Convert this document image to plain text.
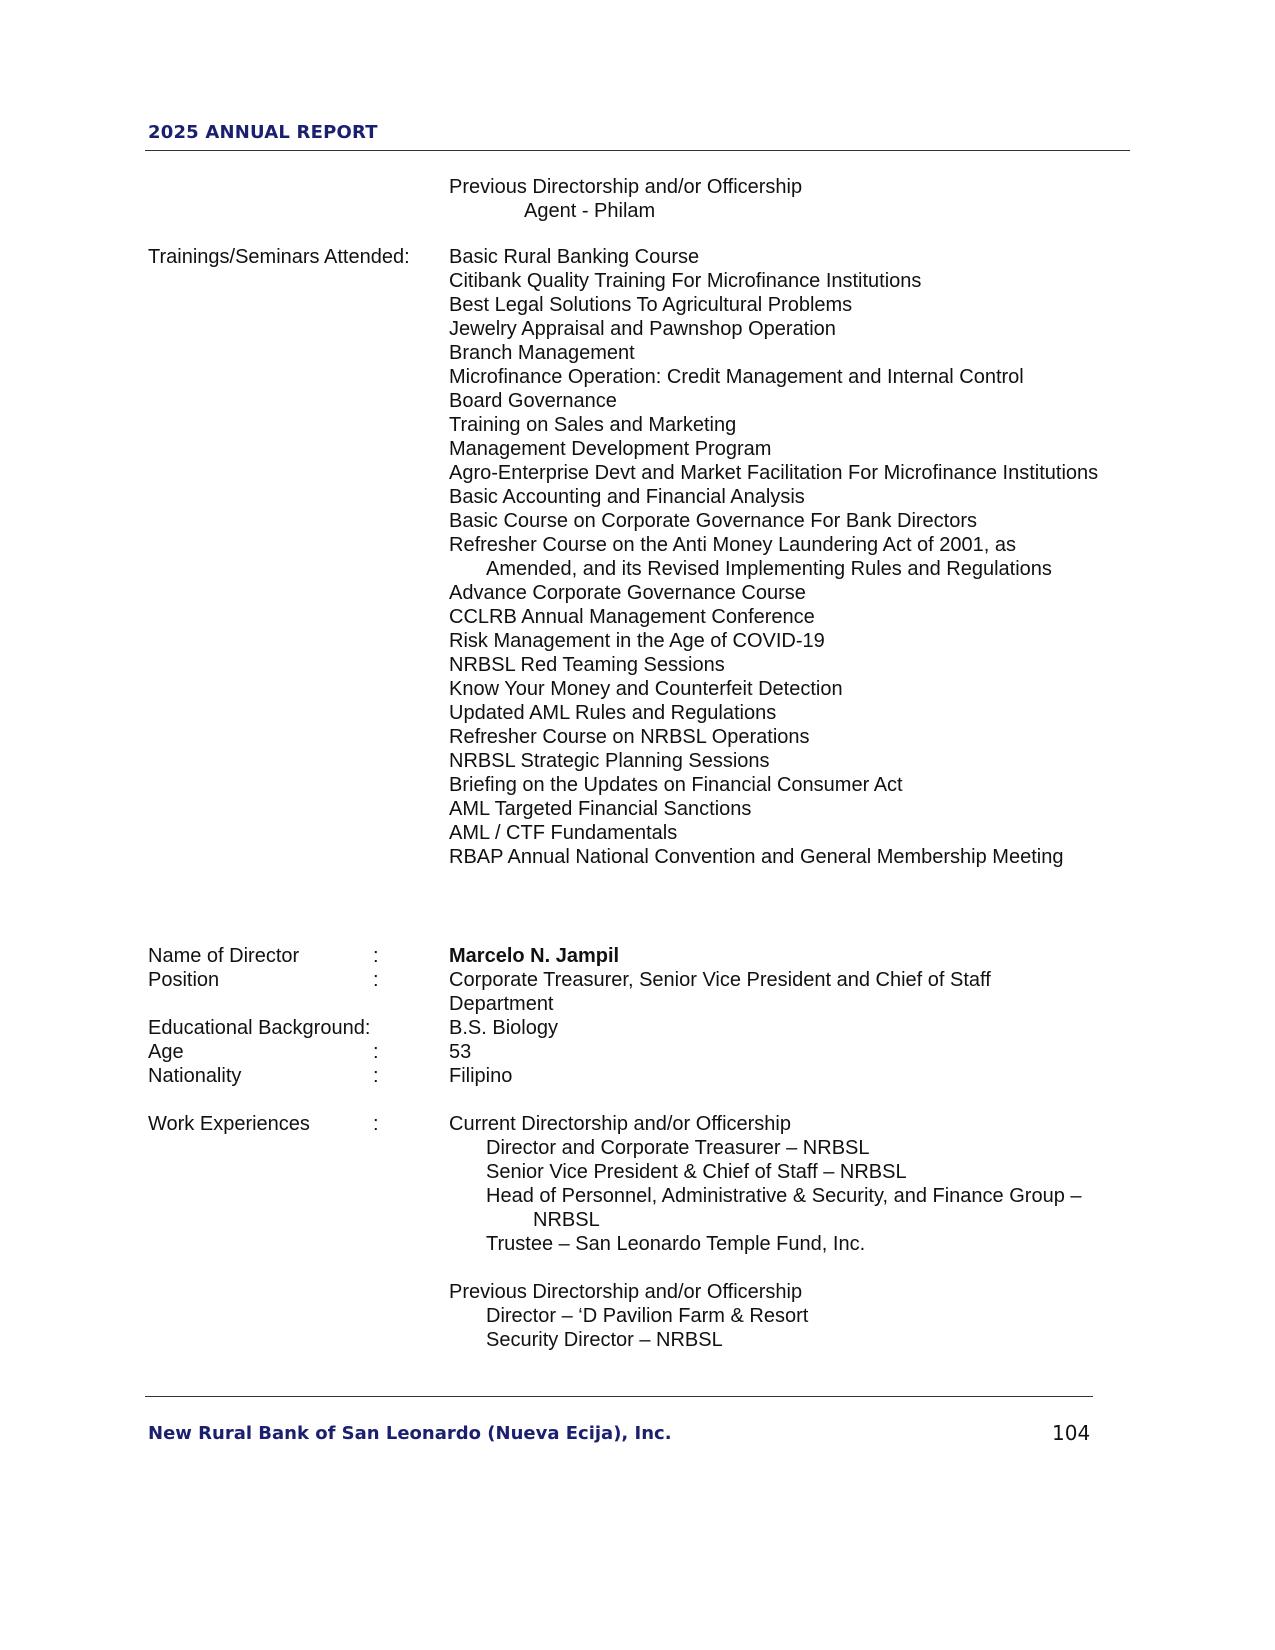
2025 ANNUAL REPORT
Previous Directorship and/or Officership
Agent - Philam
Trainings/Seminars Attended: Basic Rural Banking Course
Citibank Quality Training For Microfinance Institutions
Best Legal Solutions To Agricultural Problems
Jewelry Appraisal and Pawnshop Operation
Branch Management
Microfinance Operation: Credit Management and Internal Control
Board Governance
Training on Sales and Marketing
Management Development Program
Agro-Enterprise Devt and Market Facilitation For Microfinance Institutions
Basic Accounting and Financial Analysis
Basic Course on Corporate Governance For Bank Directors
Refresher Course on the Anti Money Laundering Act of 2001, as
Amended, and its Revised Implementing Rules and Regulations
Advance Corporate Governance Course
CCLRB Annual Management Conference
Risk Management in the Age of COVID-19
NRBSL Red Teaming Sessions
Know Your Money and Counterfeit Detection
Updated AML Rules and Regulations
Refresher Course on NRBSL Operations
NRBSL Strategic Planning Sessions
Briefing on the Updates on Financial Consumer Act
AML Targeted Financial Sanctions
AML / CTF Fundamentals
RBAP Annual National Convention and General Membership Meeting
Name of Director	:	Marcelo N. Jampil
Position	:	Corporate Treasurer, Senior Vice President and Chief of Staff
Department
Educational Background:	B.S. Biology
Age	:	53
Nationality	:	Filipino
Work Experiences	:	Current Directorship and/or Officership
Director and Corporate Treasurer – NRBSL
Senior Vice President & Chief of Staff – NRBSL
Head of Personnel, Administrative & Security, and Finance Group –
NRBSL
Trustee – San Leonardo Temple Fund, Inc.
Previous Directorship and/or Officership
Director – ‘D Pavilion Farm & Resort
Security Director – NRBSL
New Rural Bank of San Leonardo (Nueva Ecija), Inc.	104
